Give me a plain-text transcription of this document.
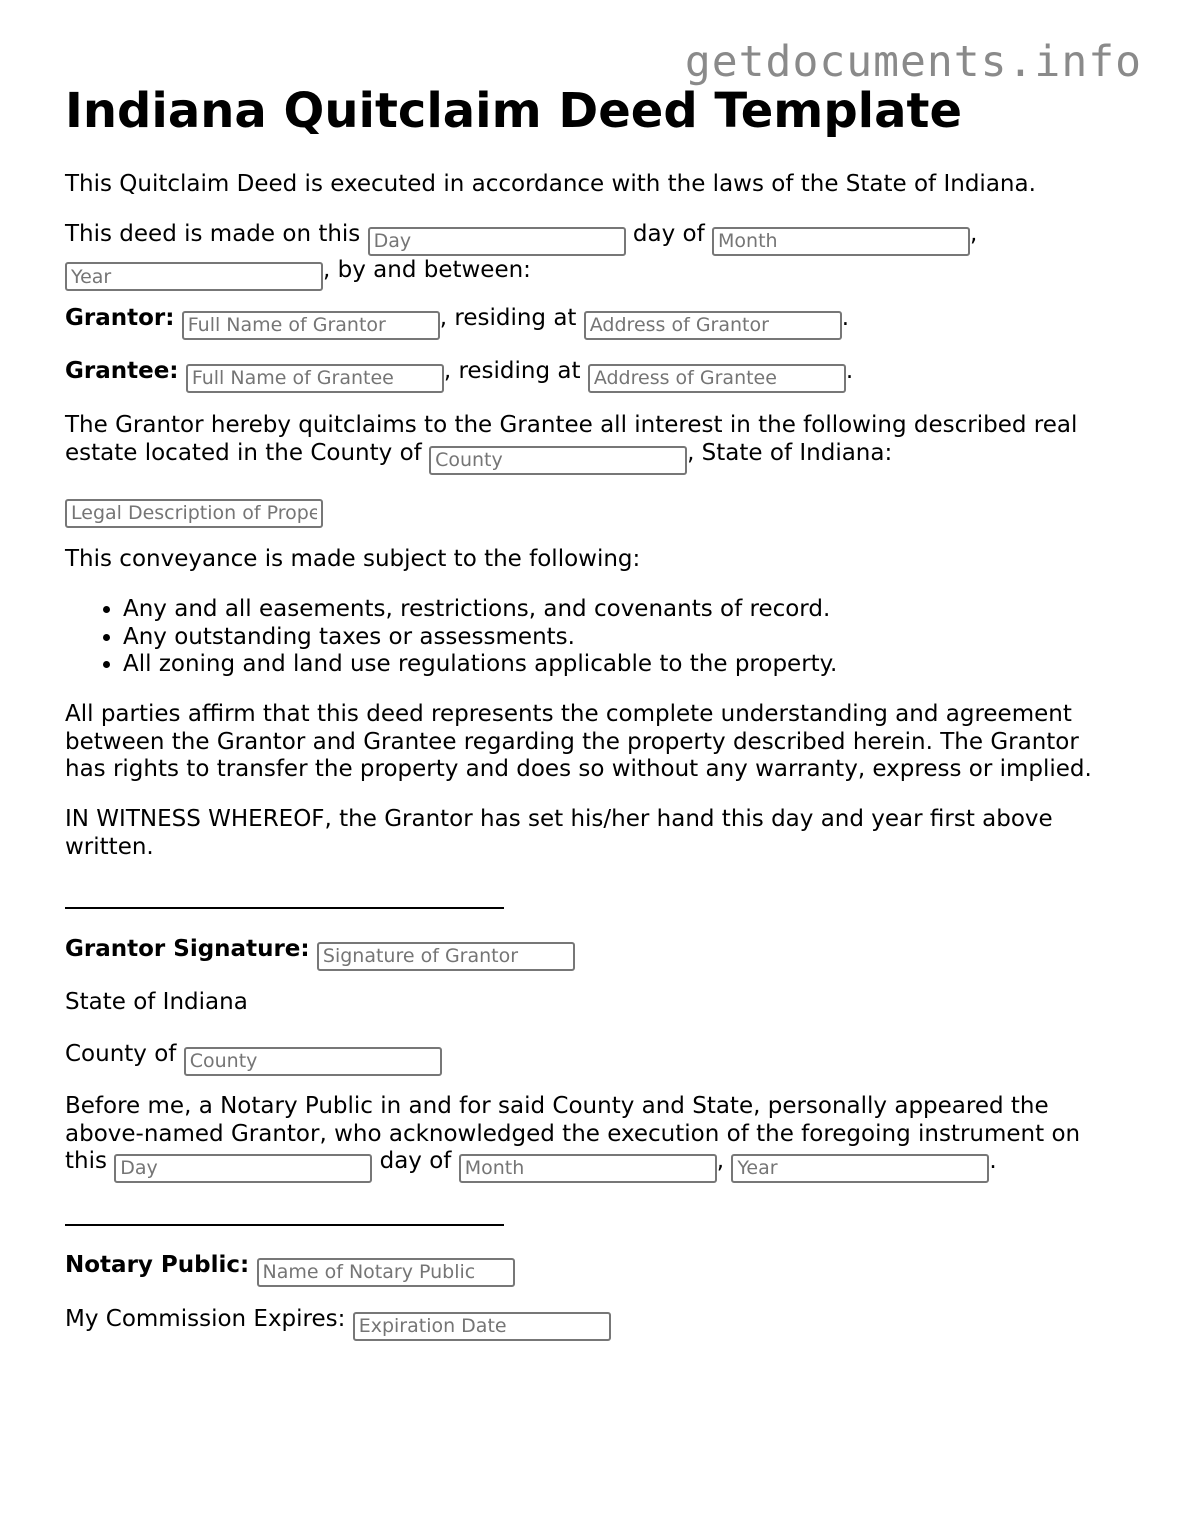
getdocuments.info
Indiana Quitclaim Deed Template

This Quitclaim Deed is executed in accordance with the laws of the State of Indiana.

This deed is made on this Day	day of Month	, Year, by and between:

Grantor: Full Name of Grantor	, residing at Address of Grantor	.

Grantee: Full Name of Grantee	, residing at Address of Grantee	.

The Grantor hereby quitclaims to the Grantee all interest in the following described real estate located in the County of County	, State of Indiana:

Legal Description of Prope

This conveyance is made subject to the following:

• Any and all easements, restrictions, and covenants of record.
• Any outstanding taxes or assessments.
• All zoning and land use regulations applicable to the property.

All parties affirm that this deed represents the complete understanding and agreement between the Grantor and Grantee regarding the property described herein. The Grantor has rights to transfer the property and does so without any warranty, express or implied.

IN WITNESS WHEREOF, the Grantor has set his/her hand this day and year first above written.

Grantor Signature: Signature of Grantor

State of Indiana

County of County

Before me, a Notary Public in and for said County and State, personally appeared the above-named Grantor, who acknowledged the execution of the foregoing instrument on this Day	day of Month	, Year	.

Notary Public: Name of Notary Public

My Commission Expires: Expiration Date
